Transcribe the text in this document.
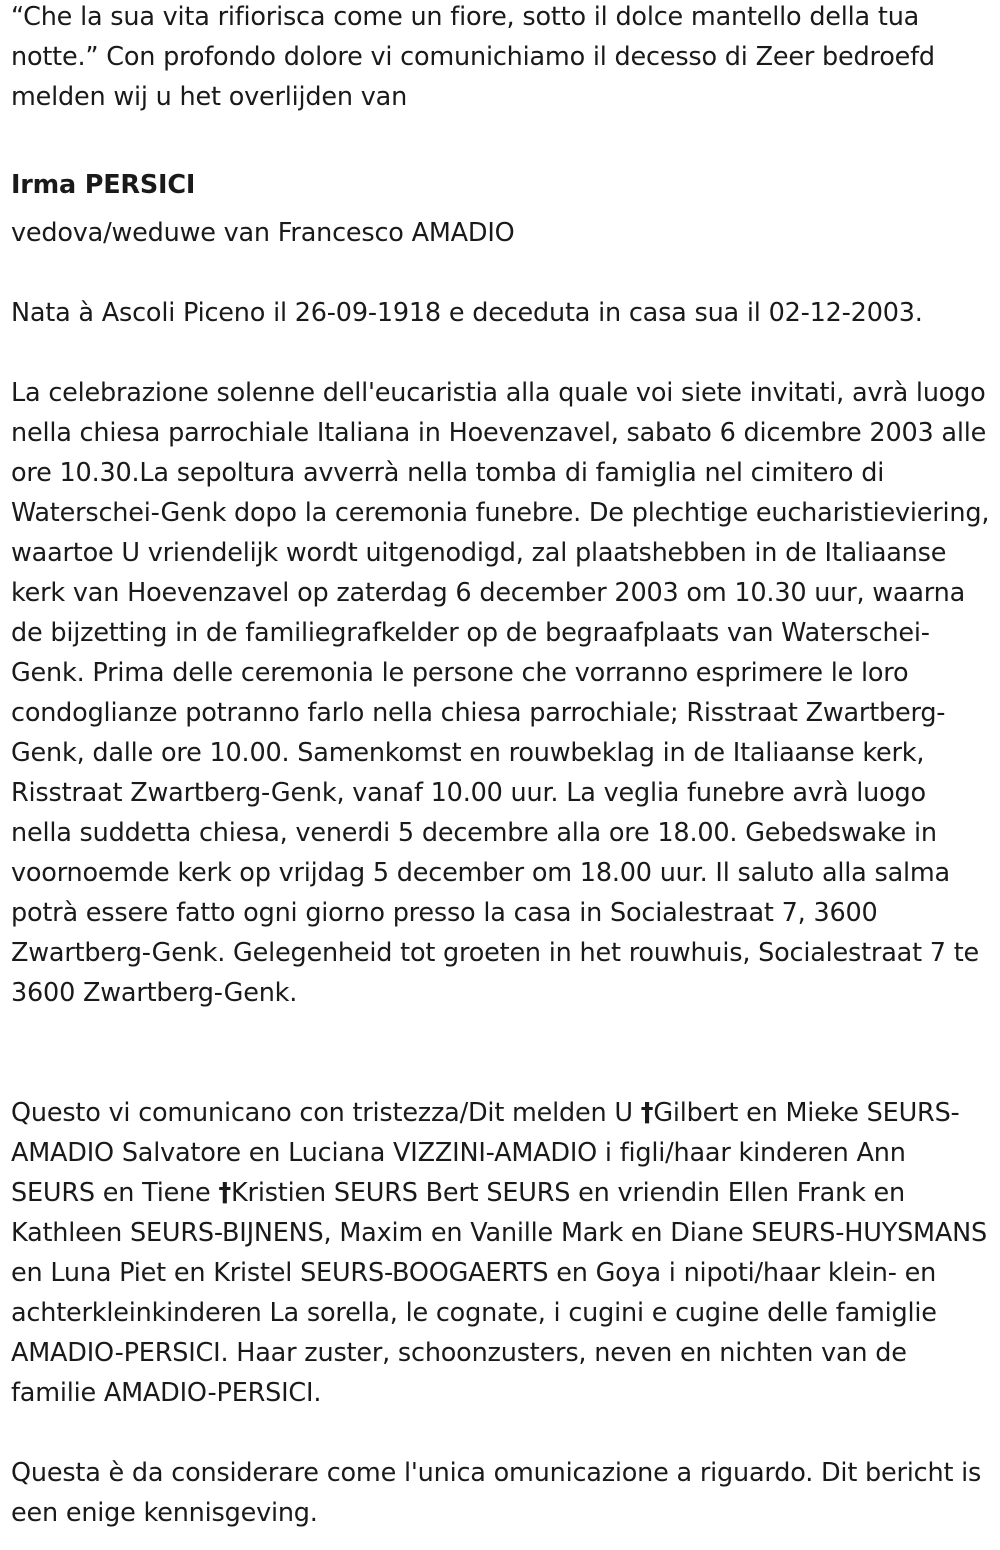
“Che la sua vita rifiorisca come un fiore, sotto il dolce mantello della tua notte.” Con profondo dolore vi comunichiamo il decesso di Zeer bedroefd melden wij u het overlijden van

Irma PERSICI

vedova/weduwe van Francesco AMADIO

Nata à Ascoli Piceno il 26-09-1918 e deceduta in casa sua il 02-12-2003.

La celebrazione solenne dell'eucaristia alla quale voi siete invitati, avrà luogo nella chiesa parrochiale Italiana in Hoevenzavel, sabato 6 dicembre 2003 alle ore 10.30.La sepoltura avverrà nella tomba di famiglia nel cimitero di Waterschei-Genk dopo la ceremonia funebre. De plechtige eucharistieviering, waartoe U vriendelijk wordt uitgenodigd, zal plaatshebben in de Italiaanse kerk van Hoevenzavel op zaterdag 6 december 2003 om 10.30 uur, waarna de bijzetting in de familiegrafkelder op de begraafplaats van Waterschei-Genk. Prima delle ceremonia le persone che vorranno esprimere le loro condoglianze potranno farlo nella chiesa parrochiale; Risstraat Zwartberg-Genk, dalle ore 10.00. Samenkomst en rouwbeklag in de Italiaanse kerk, Risstraat Zwartberg-Genk, vanaf 10.00 uur. La veglia funebre avrà luogo nella suddetta chiesa, venerdi 5 decembre alla ore 18.00. Gebedswake in voornoemde kerk op vrijdag 5 december om 18.00 uur. Il saluto alla salma potrà essere fatto ogni giorno presso la casa in Socialestraat 7, 3600 Zwartberg-Genk. Gelegenheid tot groeten in het rouwhuis, Socialestraat 7 te 3600 Zwartberg-Genk.

Questo vi comunicano con tristezza/Dit melden U †Gilbert en Mieke SEURS-AMADIO Salvatore en Luciana VIZZINI-AMADIO i figli/haar kinderen Ann SEURS en Tiene †Kristien SEURS Bert SEURS en vriendin Ellen Frank en Kathleen SEURS-BIJNENS, Maxim en Vanille Mark en Diane SEURS-HUYSMANS en Luna Piet en Kristel SEURS-BOOGAERTS en Goya i nipoti/haar klein- en achterkleinkinderen La sorella, le cognate, i cugini e cugine delle famiglie AMADIO-PERSICI. Haar zuster, schoonzusters, neven en nichten van de familie AMADIO-PERSICI.

Questa è da considerare come l'unica omunicazione a riguardo. Dit bericht is een enige kennisgeving.
